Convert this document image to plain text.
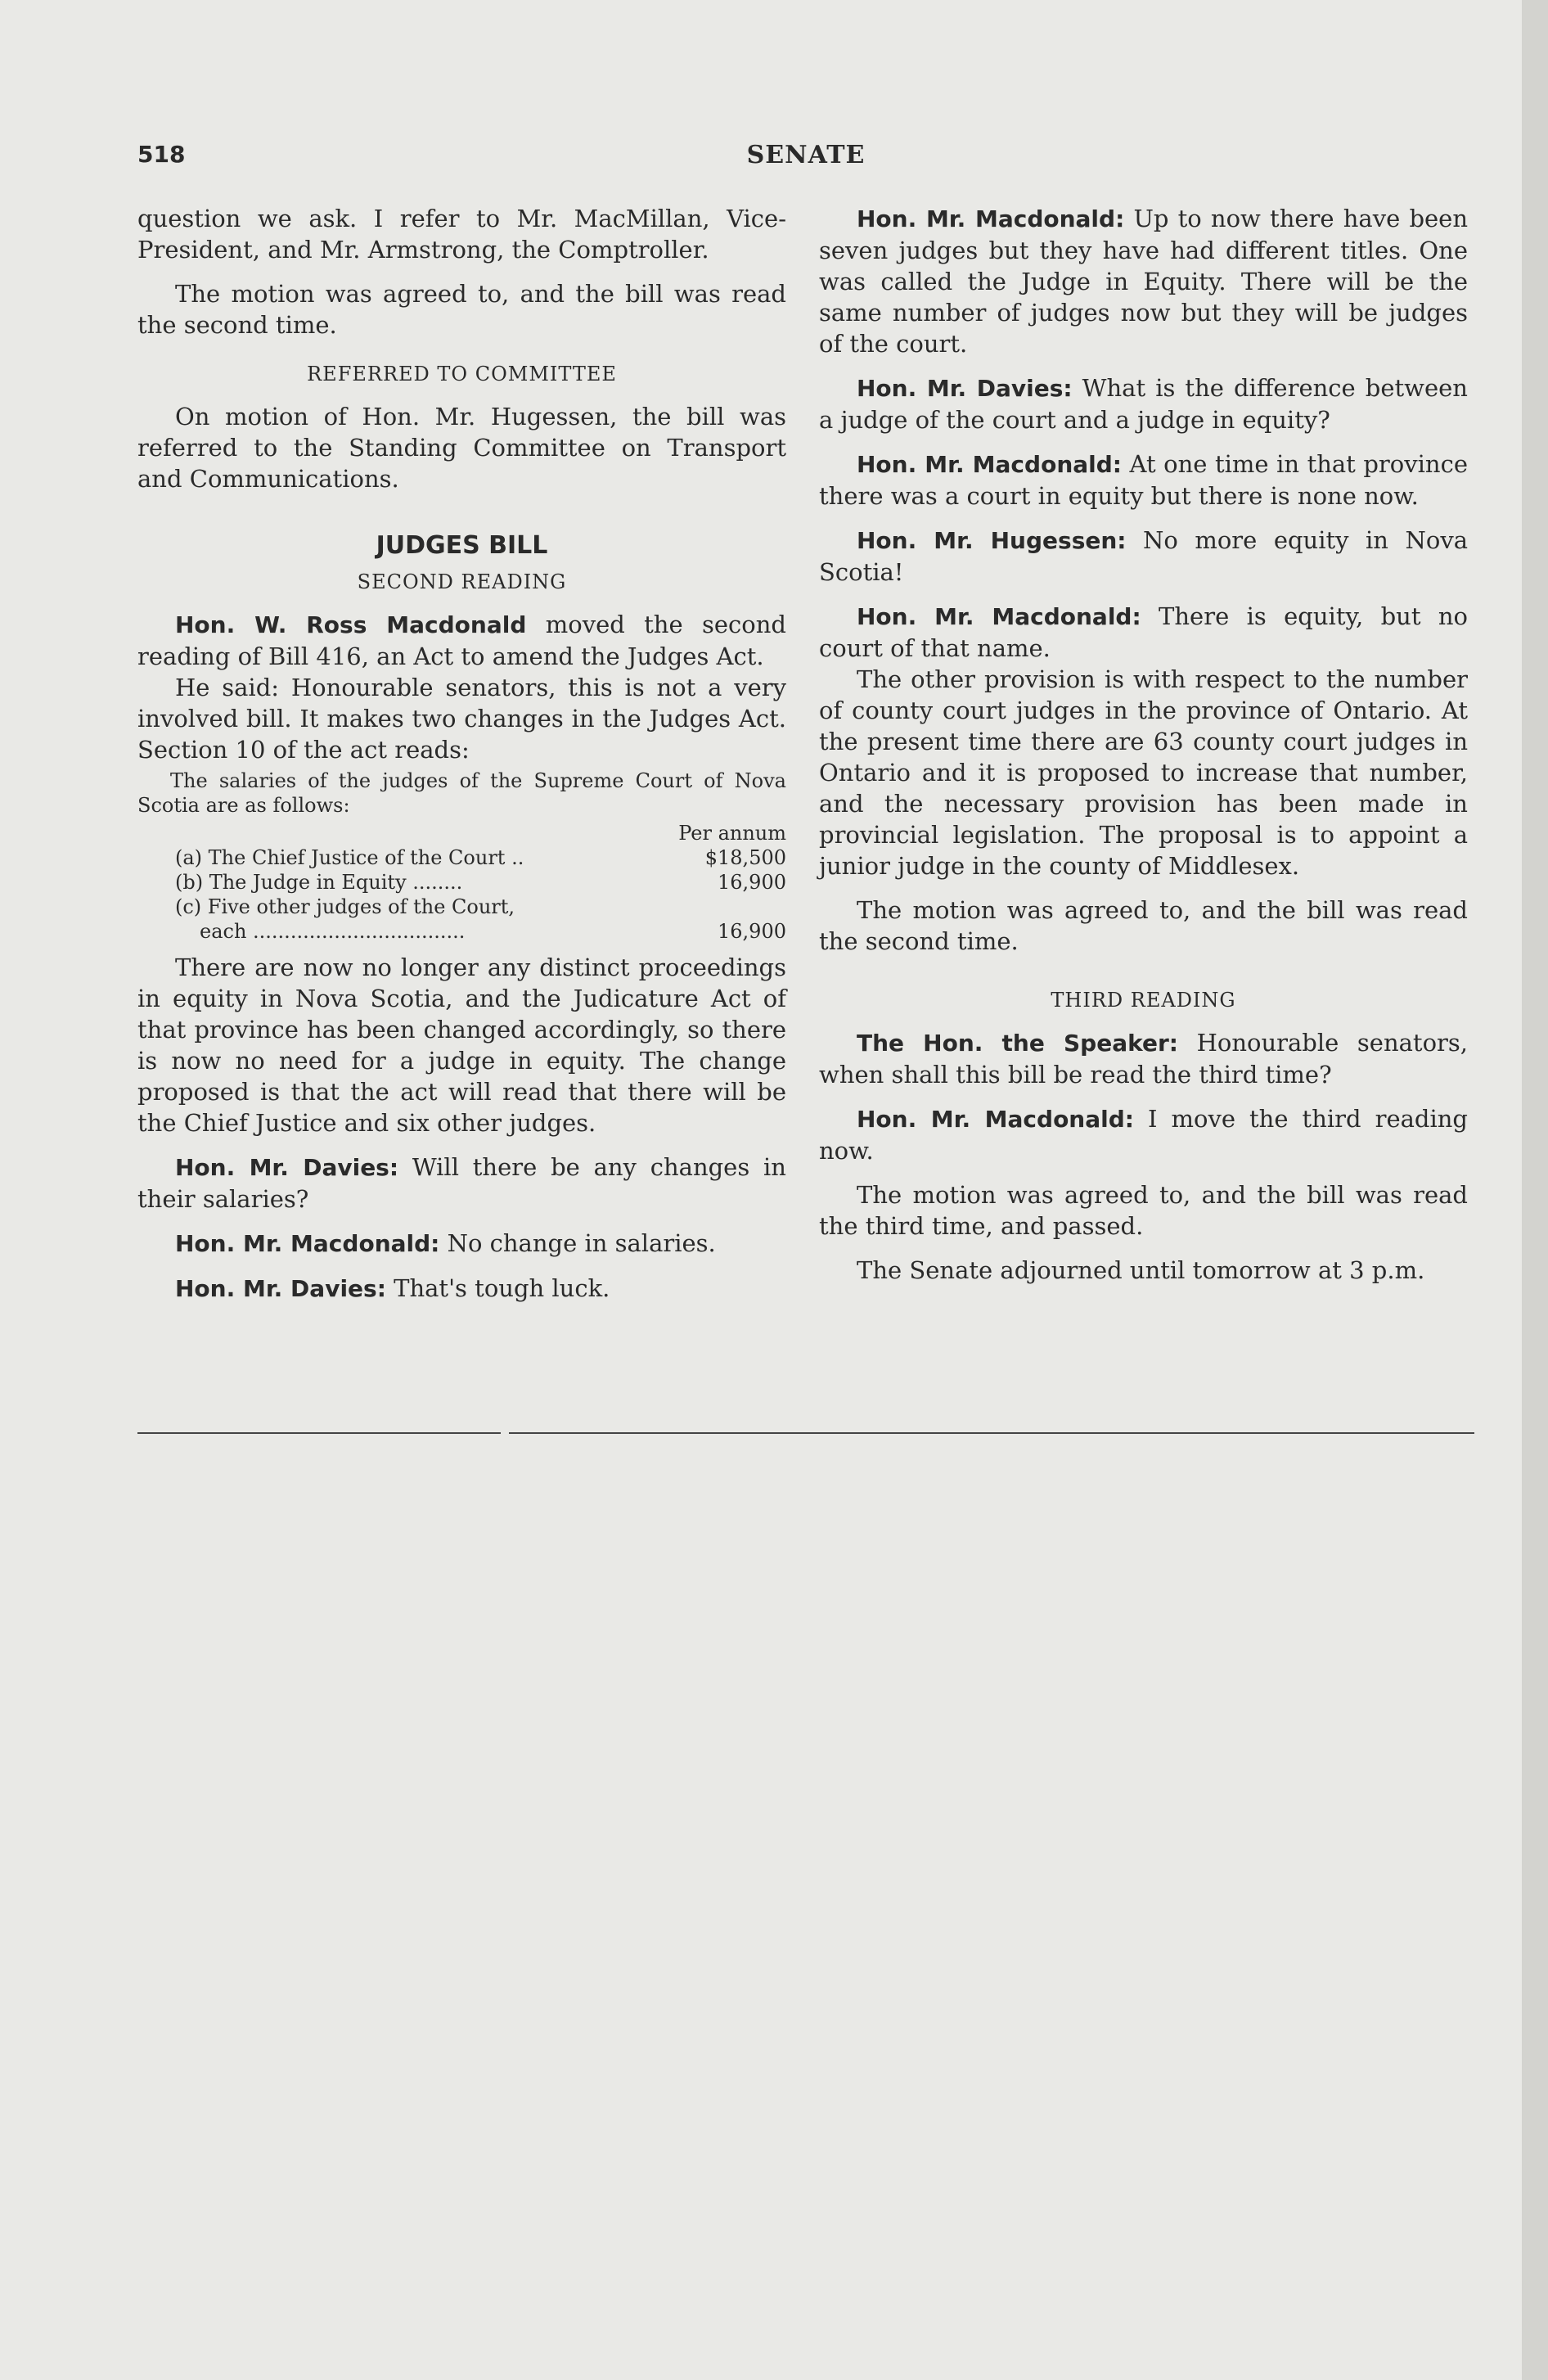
518	SENATE

question we ask. I refer to Mr. MacMillan, Vice-President, and Mr. Armstrong, the Comptroller.

The motion was agreed to, and the bill was read the second time.

REFERRED TO COMMITTEE

On motion of Hon. Mr. Hugessen, the bill was referred to the Standing Committee on Transport and Communications.

JUDGES BILL
SECOND READING

Hon. W. Ross Macdonald moved the second reading of Bill 416, an Act to amend the Judges Act.

He said: Honourable senators, this is not a very involved bill. It makes two changes in the Judges Act. Section 10 of the act reads:

The salaries of the judges of the Supreme Court of Nova Scotia are as follows:

Per annum
(a) The Chief Justice of the Court ..	$18,500
(b) The Judge in Equity ........	16,900
(c) Five other judges of the Court,
each ..................................	16,900

There are now no longer any distinct proceedings in equity in Nova Scotia, and the Judicature Act of that province has been changed accordingly, so there is now no need for a judge in equity. The change proposed is that the act will read that there will be the Chief Justice and six other judges.

Hon. Mr. Davies: Will there be any changes in their salaries?

Hon. Mr. Macdonald: No change in salaries.

Hon. Mr. Davies: That's tough luck.

Hon. Mr. Macdonald: Up to now there have been seven judges but they have had different titles. One was called the Judge in Equity. There will be the same number of judges now but they will be judges of the court.

Hon. Mr. Davies: What is the difference between a judge of the court and a judge in equity?

Hon. Mr. Macdonald: At one time in that province there was a court in equity but there is none now.

Hon. Mr. Hugessen: No more equity in Nova Scotia!

Hon. Mr. Macdonald: There is equity, but no court of that name.

The other provision is with respect to the number of county court judges in the province of Ontario. At the present time there are 63 county court judges in Ontario and it is proposed to increase that number, and the necessary provision has been made in provincial legislation. The proposal is to appoint a junior judge in the county of Middlesex.

The motion was agreed to, and the bill was read the second time.

THIRD READING

The Hon. the Speaker: Honourable senators, when shall this bill be read the third time?

Hon. Mr. Macdonald: I move the third reading now.

The motion was agreed to, and the bill was read the third time, and passed.

The Senate adjourned until tomorrow at 3 p.m.
